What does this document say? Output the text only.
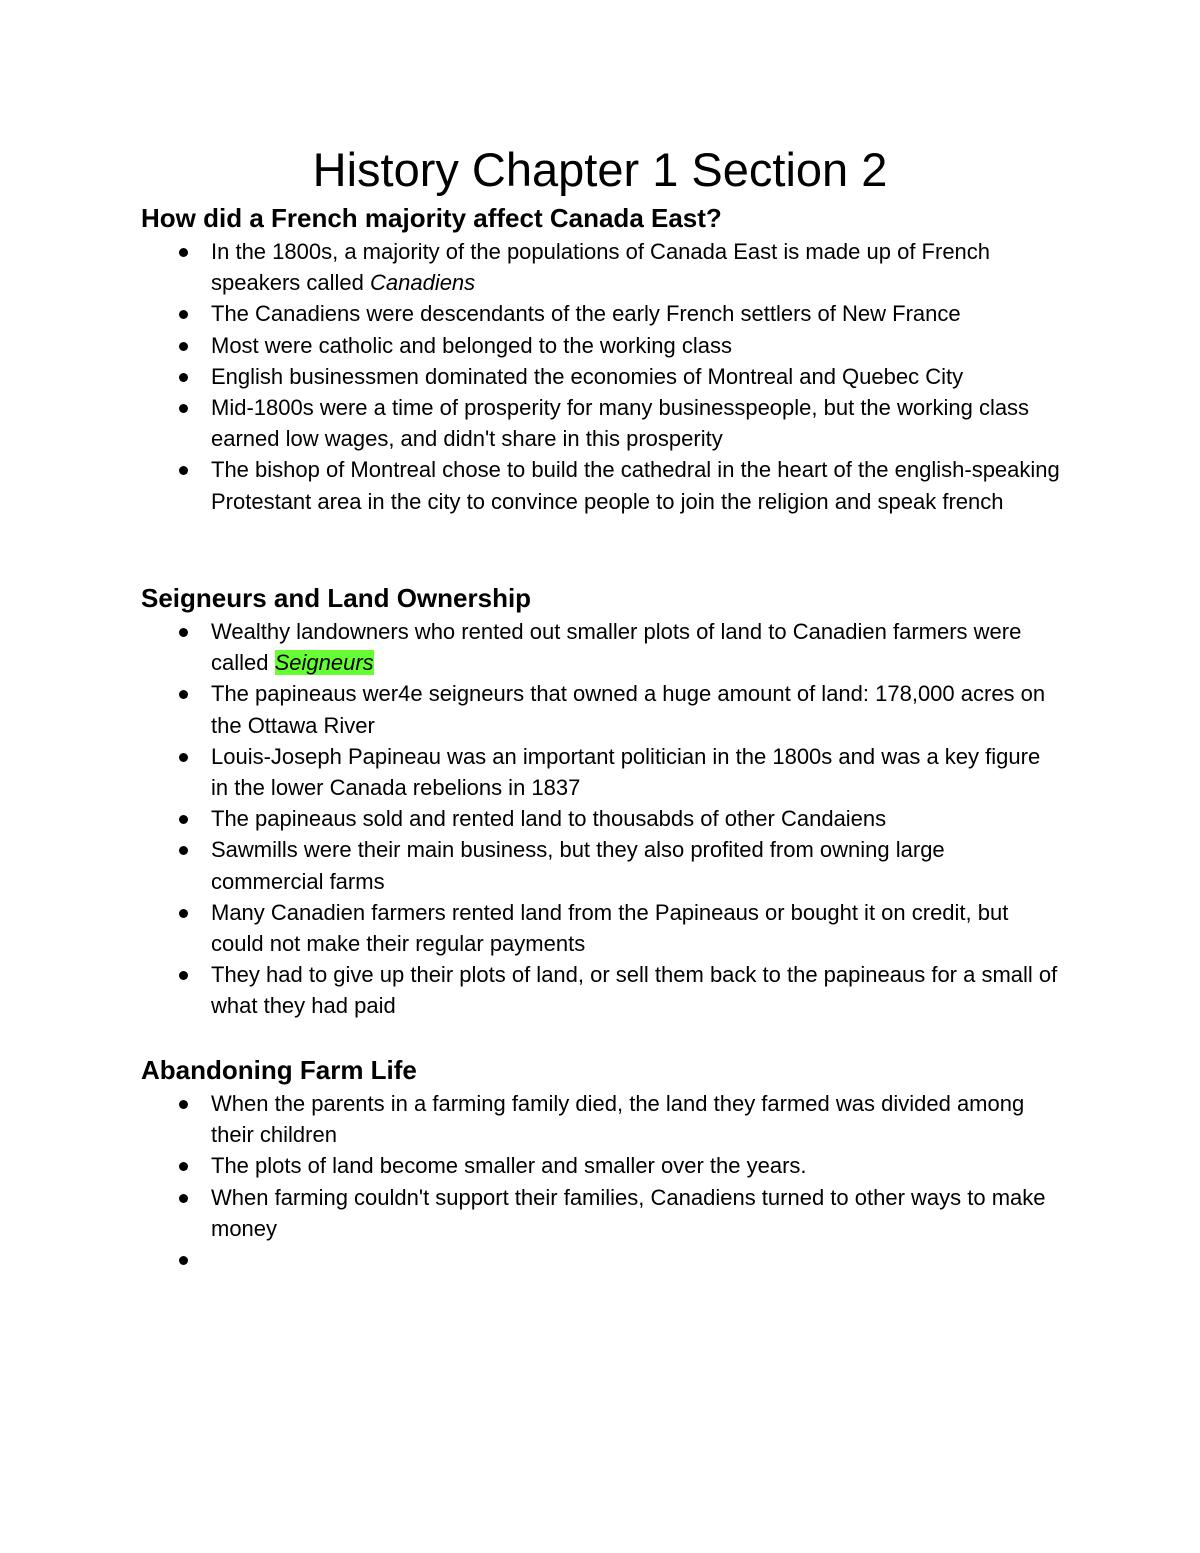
History Chapter 1 Section 2
How did a French majority affect Canada East?
In the 1800s, a majority of the populations of Canada East is made up of French speakers called Canadiens
The Canadiens were descendants of the early French settlers of New France
Most were catholic and belonged to the working class
English businessmen dominated the economies of Montreal and Quebec City
Mid-1800s were a time of prosperity for many businesspeople, but the working class earned low wages, and didn't share in this prosperity
The bishop of Montreal chose to build the cathedral in the heart of the english-speaking Protestant area in the city to convince people to join the religion and speak french
Seigneurs and Land Ownership
Wealthy landowners who rented out smaller plots of land to Canadien farmers were called Seigneurs
The papineaus wer4e seigneurs that owned a huge amount of land: 178,000 acres on the Ottawa River
Louis-Joseph Papineau was an important politician in the 1800s and was a key figure in the lower Canada rebelions in 1837
The papineaus sold and rented land to thousabds of other Candaiens
Sawmills were their main business, but they also profited from owning large commercial farms
Many Canadien farmers rented land from the Papineaus or bought it on credit, but could not make their regular payments
They had to give up their plots of land, or sell them back to the papineaus for a small of what they had paid
Abandoning Farm Life
When the parents in a farming family died, the land they farmed was divided among their children
The plots of land become smaller and smaller over the years.
When farming couldn't support their families, Canadiens turned to other ways to make money
